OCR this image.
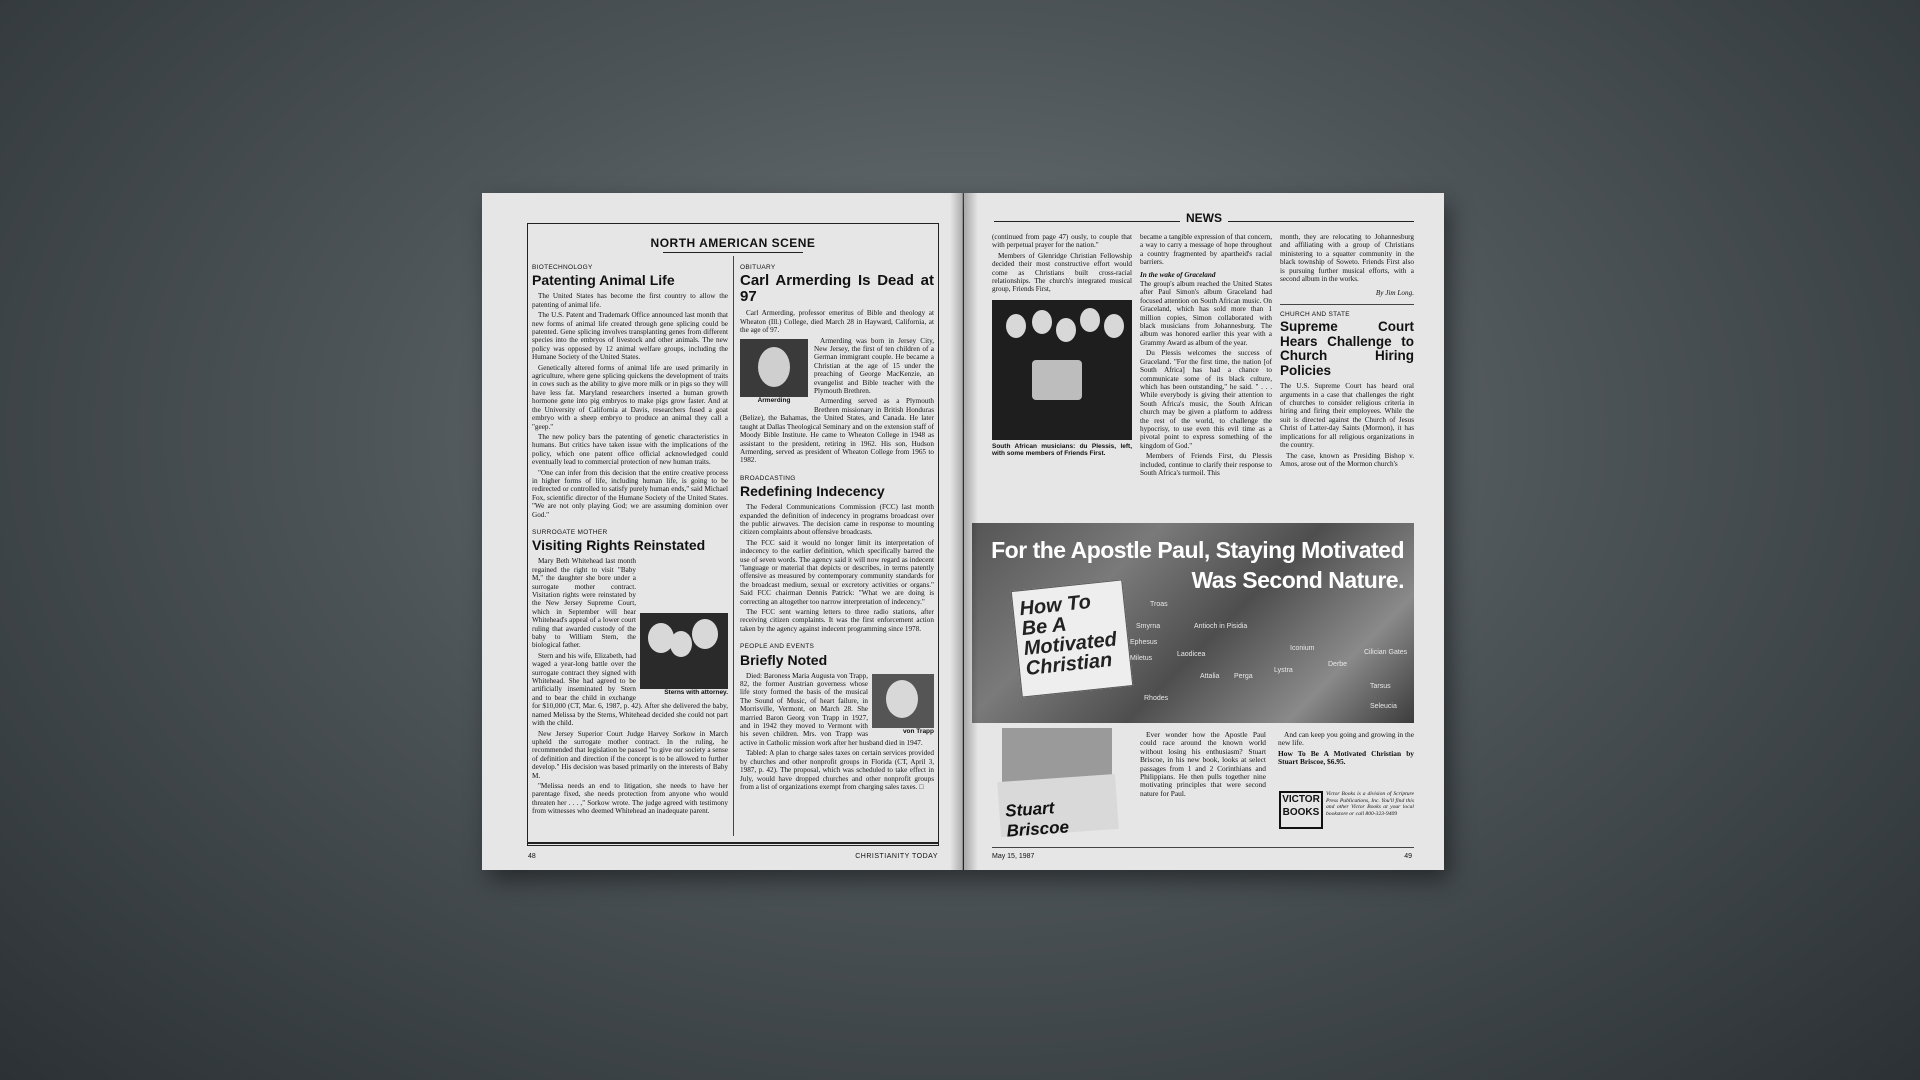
NORTH AMERICAN SCENE
BIOTECHNOLOGY
Patenting Animal Life

The United States has become the first country to allow the patenting of animal life.

The U.S. Patent and Trademark Office announced last month that new forms of animal life created through gene splicing could be patented. Gene splicing involves transplanting genes from different species into the embryos of livestock and other animals. The new policy was opposed by 12 animal welfare groups, including the Humane Society of the United States.

Genetically altered forms of animal life are used primarily in agriculture, where gene splicing quickens the development of traits in cows such as the ability to give more milk or in pigs so they will have less fat. Maryland researchers inserted a human growth hormone gene into pig embryos to make pigs grow faster. And at the University of California at Davis, researchers fused a goat embryo with a sheep embryo to produce an animal they call a "geep."

The new policy bars the patenting of genetic characteristics in humans. But critics have taken issue with the implications of the policy, which one patent office official acknowledged could eventually lead to commercial protection of new human traits.

"One can infer from this decision that the entire creative process in higher forms of life, including human life, is going to be redirected or controlled to satisfy purely human ends," said Michael Fox, scientific director of the Humane Society of the United States. "We are not only playing God; we are assuming dominion over God."

SURROGATE MOTHER
Visiting Rights Reinstated
Sterns with attorney.

Mary Beth Whitehead last month regained the right to visit "Baby M," the daughter she bore under a surrogate mother contract. Visitation rights were reinstated by the New Jersey Supreme Court, which in September will hear Whitehead's appeal of a lower court ruling that awarded custody of the baby to William Stern, the biological father.

Stern and his wife, Elizabeth, had waged a year-long battle over the surrogate contract they signed with Whitehead. She had agreed to be artificially inseminated by Stern and to bear the child in exchange for $10,000 (CT, Mar. 6, 1987, p. 42). After she delivered the baby, named Melissa by the Sterns, Whitehead decided she could not part with the child.

New Jersey Superior Court Judge Harvey Sorkow in March upheld the surrogate mother contract. In the ruling, he recommended that legislation be passed "to give our society a sense of definition and direction if the concept is to be allowed to further develop." His decision was based primarily on the interests of Baby M.

"Melissa needs an end to litigation, she needs to have her parentage fixed, she needs protection from anyone who would threaten her . . . ," Sorkow wrote. The judge agreed with testimony from witnesses who deemed Whitehead an inadequate parent.

OBITUARY
Carl Armerding Is Dead at 97

Carl Armerding, professor emeritus of Bible and theology at Wheaton (Ill.) College, died March 28 in Hayward, California, at the age of 97.

Armerding

Armerding was born in Jersey City, New Jersey, the first of ten children of a German immigrant couple. He became a Christian at the age of 15 under the preaching of George MacKenzie, an evangelist and Bible teacher with the Plymouth Brethren.

Armerding served as a Plymouth Brethren missionary in British Honduras (Belize), the Bahamas, the United States, and Canada. He later taught at Dallas Theological Seminary and on the extension staff of Moody Bible Institute. He came to Wheaton College in 1948 as assistant to the president, retiring in 1962. His son, Hudson Armerding, served as president of Wheaton College from 1965 to 1982.

BROADCASTING
Redefining Indecency

The Federal Communications Commission (FCC) last month expanded the definition of indecency in programs broadcast over the public airwaves. The decision came in response to mounting citizen complaints about offensive broadcasts.

The FCC said it would no longer limit its interpretation of indecency to the earlier definition, which specifically barred the use of seven words. The agency said it will now regard as indecent "language or material that depicts or describes, in terms patently offensive as measured by contemporary community standards for the broadcast medium, sexual or excretory activities or organs." Said FCC chairman Dennis Patrick: "What we are doing is correcting an altogether too narrow interpretation of indecency."

The FCC sent warning letters to three radio stations, after receiving citizen complaints. It was the first enforcement action taken by the agency against indecent programming since 1978.

PEOPLE AND EVENTS
Briefly Noted
von Trapp

Died: Baroness Maria Augusta von Trapp, 82, the former Austrian governess whose life story formed the basis of the musical The Sound of Music, of heart failure, in Morrisville, Vermont, on March 28. She married Baron Georg von Trapp in 1927, and in 1942 they moved to Vermont with his seven children. Mrs. von Trapp was active in Catholic mission work after her husband died in 1947.

Tabled: A plan to charge sales taxes on certain services provided by churches and other nonprofit groups in Florida (CT, April 3, 1987, p. 42). The proposal, which was scheduled to take effect in July, would have dropped churches and other nonprofit groups from a list of organizations exempt from charging sales taxes. □

48	CHRISTIANITY TODAY
NEWS

(continued from page 47) ously, to couple that with perpetual prayer for the nation."

Members of Glenridge Christian Fellowship decided their most constructive effort would come as Christians built cross-racial relationships. The church's integrated musical group, Friends First,

South African musicians: du Plessis, left, with some members of Friends First.

became a tangible expression of that concern, a way to carry a message of hope throughout a country fragmented by apartheid's racial barriers.

In the wake of Graceland

The group's album reached the United States after Paul Simon's album Graceland had focused attention on South African music. On Graceland, which has sold more than 1 million copies, Simon collaborated with black musicians from Johannesburg. The album was honored earlier this year with a Grammy Award as album of the year.

Du Plessis welcomes the success of Graceland. "For the first time, the nation [of South Africa] has had a chance to communicate some of its black culture, which has been outstanding," he said. " . . . While everybody is giving their attention to South Africa's music, the South African church may be given a platform to address the rest of the world, to challenge the hypocrisy, to use even this evil time as a pivotal point to express something of the kingdom of God."

Members of Friends First, du Plessis included, continue to clarify their response to South Africa's turmoil. This

month, they are relocating to Johannesburg and affiliating with a group of Christians ministering to a squatter community in the black township of Soweto. Friends First also is pursuing further musical efforts, with a second album in the works.

By Jim Long.
CHURCH AND STATE
Supreme Court Hears Challenge to Church Hiring Policies

The U.S. Supreme Court has heard oral arguments in a case that challenges the right of churches to consider religious criteria in hiring and firing their employees. While the suit is directed against the Church of Jesus Christ of Latter-day Saints (Mormon), it has implications for all religious organizations in the country.

The case, known as Presiding Bishop v. Amos, arose out of the Mormon church's

For the Apostle Paul, Staying Motivated
Was Second Nature.
Troas
Smyrna
Ephesus
Miletus
Laodicea
Attalia Perga
Iconium
Lystra
Derbe
Tarsus
Seleucia
Rhodes
Antioch in Pisidia
Cilician Gates
How To Be A Motivated Christian
Stuart Briscoe

Ever wonder how the Apostle Paul could race around the known world without losing his enthusiasm? Stuart Briscoe, in his new book, looks at select passages from 1 and 2 Corinthians and Philippians. He then pulls together nine motivating principles that were second nature for Paul.

And can keep you going and growing in the new life.

How To Be A Motivated Christian by Stuart Briscoe, $6.95.

VICTOR
BOOKS
Victor Books is a division of Scripture Press Publications, Inc. You'll find this and other Victor Books at your local bookstore or call 800-323-9409
May 15, 1987	49
